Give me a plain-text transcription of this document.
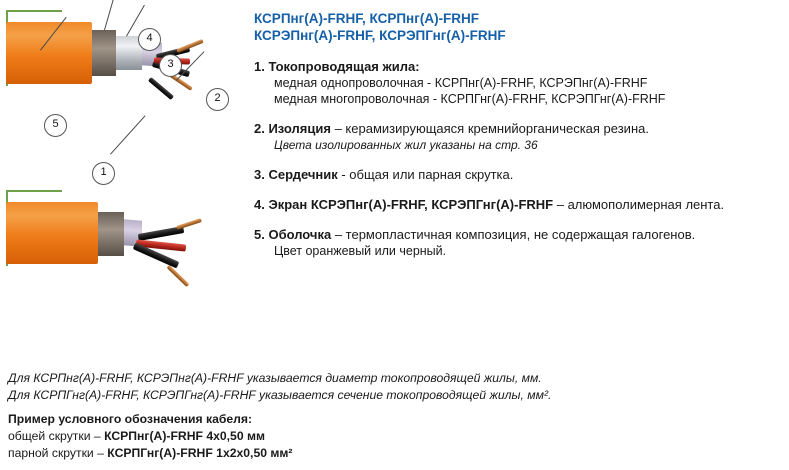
4
3
2
5
1
КСРПнг(А)-FRHF, КСРПнг(А)-FRHF
КСРЭПнг(А)-FRHF, КСРЭПГнг(А)-FRHF
1. Токопроводящая жила:
медная однопроволочная - КСРПнг(А)-FRHF, КСРЭПнг(А)-FRHF
медная многопроволочная - КСРПГнг(А)-FRHF, КСРЭПГнг(А)-FRHF
2. Изоляция – керамизирующаяся кремнийорганическая резина.
Цвета изолированных жил указаны на стр. 36
3. Сердечник - общая или парная скрутка.
4. Экран КСРЭПнг(А)-FRHF, КСРЭПГнг(А)-FRHF – алюмополимерная лента.
5. Оболочка – термопластичная композиция, не содержащая галогенов.
Цвет оранжевый или черный.
Для КСРПнг(А)-FRHF, КСРЭПнг(А)-FRHF указывается диаметр токопроводящей жилы, мм.
Для КСРПГнг(А)-FRHF, КСРЭПГнг(А)-FRHF указывается сечение токопроводящей жилы, мм².
Пример условного обозначения кабеля:
общей скрутки – КСРПнг(А)-FRHF 4х0,50 мм
парной скрутки – КСРПГнг(А)-FRHF 1х2х0,50 мм²
